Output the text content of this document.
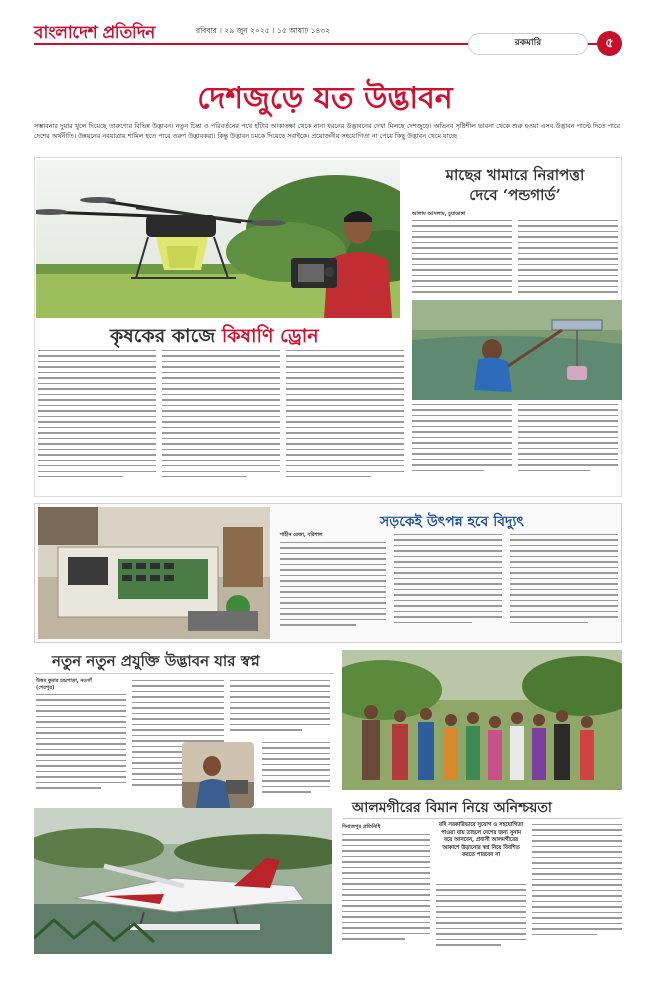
বাংলাদেশ প্রতিদিন	রবিবার । ২৯ জুন ২০২৫ । ১৫ আষাঢ় ১৪৩২
রকমারি	৫
দেশজুড়ে যত উদ্ভাবন
সম্ভাবনার দুয়ার খুলে দিয়েছে তারুণ্যের বিভিন্ন উদ্ভাবন। নতুন চিন্তা ও পরিবর্তনের পথে হাঁটার আকাঙ্ক্ষা থেকে নানা ধরনের উদ্ভাবনের দেখা মিলছে দেশজুড়ে। অভিনব সৃষ্টিশীল ভাবনা থেকে শুরু হওয়া এসব উদ্ভাবন পাল্টে দিতে পারে দেশের অর্থনীতি। উন্নয়নের নবযাত্রায় শামিল হতে পারে তরুণ উদ্ভাবকরা। কিন্তু উদ্ভাবন চমকে দিয়েছে সবাইকে। প্রয়োজনীয় সহযোগিতা না পেয়ে কিছু উদ্ভাবন থেমে যাচ্ছে
কৃষকের কাজে কিষাণি ড্রোন
মাছের খামারে নিরাপত্তা
দেবে ‘পন্ডগার্ড’
আলাম আসলাম, চুয়াডাঙ্গা
সড়কেই উৎপন্ন হবে বিদ্যুৎ
শাহীন রেজা, বরিশাল
নতুন নতুন প্রযুক্তি উদ্ভাবন যার স্বপ্ন
উত্তম কুমার চন্দ্রপাড়া, নওগাঁ
(শেরপুর)
আলমগীরের বিমান নিয়ে অনিশ্চয়তা
দিনাজপুর প্রতিনিধি	যদি সরকারিভাবে সুযোগ ও সহযোগিতা পাওয়া যায় তাহলে দেশের জন্য সুনাম বয়ে আনবেন, প্রবাসী আলমগীরের আকাশে উড়ানোর স্বপ্ন নিয়ে বিবশিত করতে পারবেন না
